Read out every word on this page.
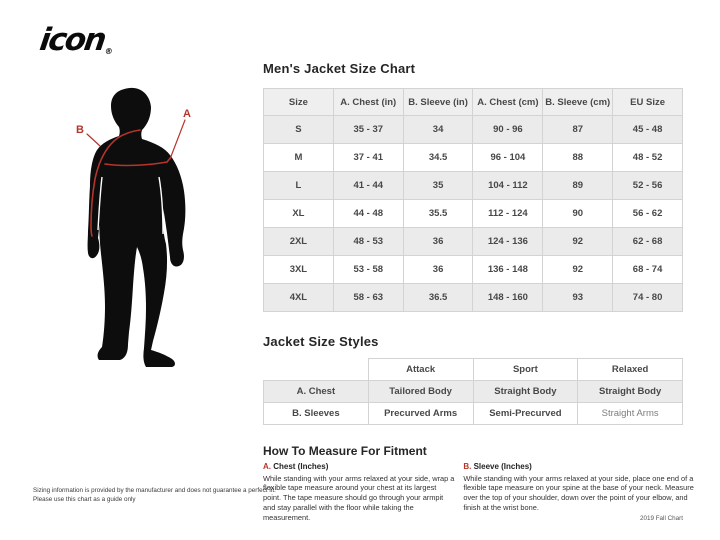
icon®
A
B
Men's Jacket Size Chart
Size	A. Chest (in)	B. Sleeve (in)	A. Chest (cm)	B. Sleeve (cm)	EU Size
S	35 - 37	34	90 - 96	87	45 - 48
M	37 - 41	34.5	96 - 104	88	48 - 52
L	41 - 44	35	104 - 112	89	52 - 56
XL	44 - 48	35.5	112 - 124	90	56 - 62
2XL	48 - 53	36	124 - 136	92	62 - 68
3XL	53 - 58	36	136 - 148	92	68 - 74
4XL	58 - 63	36.5	148 - 160	93	74 - 80
Jacket Size Styles
	Attack	Sport	Relaxed
A. Chest	Tailored Body	Straight Body	Straight Body
B. Sleeves	Precurved Arms	Semi-Precurved	Straight Arms
How To Measure For Fitment
A. Chest (Inches)
While standing with your arms relaxed at your side, wrap a flexible tape measure around your chest at its largest point. The tape measure should go through your armpit and stay parallel with the floor while taking the measurement.
B. Sleeve (Inches)
While standing with your arms relaxed at your side, place one end of a flexible tape measure on your spine at the base of your neck. Measure over the top of your shoulder, down over the point of your elbow, and finish at the wrist bone.
Sizing information is provided by the manufacturer and does not guarantee a perfect fit.
Please use this chart as a guide only
2019 Fall Chart
